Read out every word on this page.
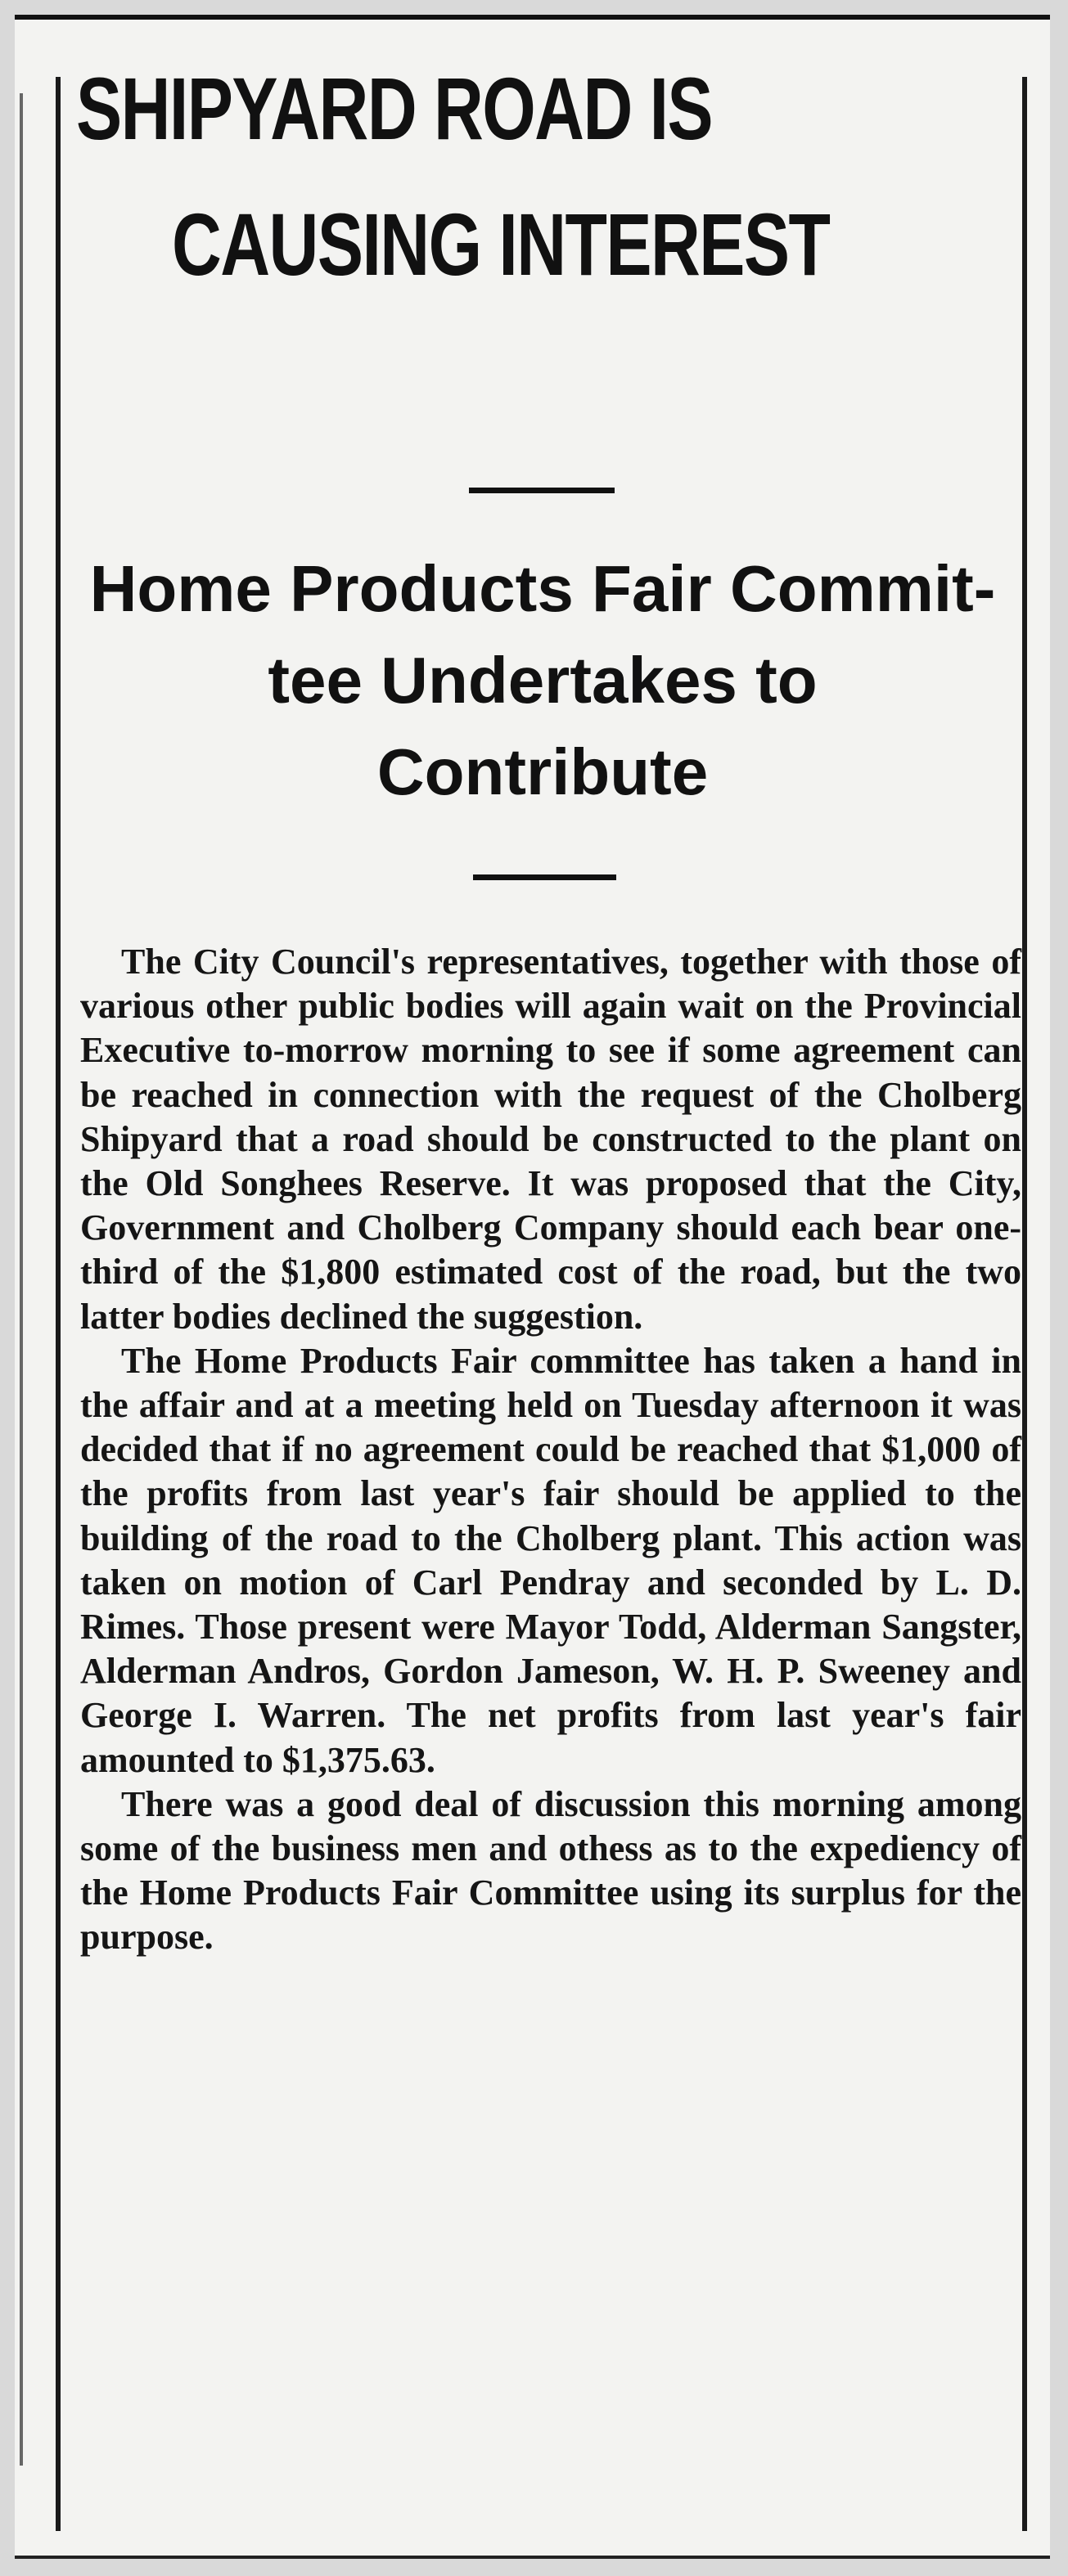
SHIPYARD ROAD IS
CAUSING INTEREST
Home Products Fair Commit-
tee Undertakes to
Contribute

The City Council's representatives, together with those of various other public bodies will again wait on the Provincial Executive to-morrow morning to see if some agreement can be reached in connection with the request of the Cholberg Shipyard that a road should be constructed to the plant on the Old Songhees Reserve. It was proposed that the City, Government and Cholberg Company should each bear one-third of the $1,800 estimated cost of the road, but the two latter bodies declined the suggestion.

The Home Products Fair committee has taken a hand in the affair and at a meeting held on Tuesday afternoon it was decided that if no agreement could be reached that $1,000 of the profits from last year's fair should be applied to the building of the road to the Cholberg plant. This action was taken on motion of Carl Pendray and seconded by L. D. Rimes. Those present were Mayor Todd, Alderman Sangster, Alderman Andros, Gordon Jameson, W. H. P. Sweeney and George I. Warren. The net profits from last year's fair amounted to $1,375.63.

There was a good deal of discussion this morning among some of the business men and othess as to the expediency of the Home Products Fair Committee using its surplus for the purpose.
